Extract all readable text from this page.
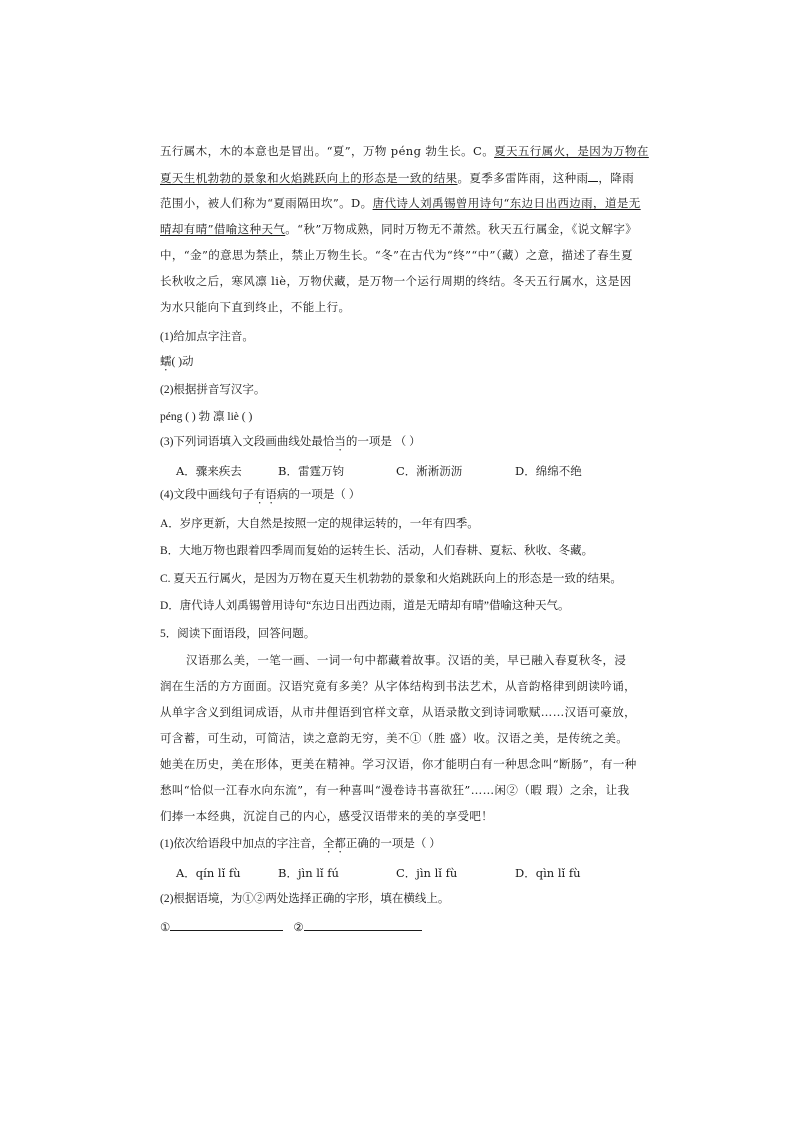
五行属木，木的本意也是冒出。“夏”，万物 péng 勃生长。C。夏天五行属火，是因为万物在
夏天生机勃勃的景象和火焰跳跃向上的形态是一致的结果。夏季多雷阵雨，这种雨 ，降雨
范围小，被人们称为“夏雨隔田坎”。D。唐代诗人刘禹锡曾用诗句“东边日出西边雨，道是无
晴却有晴”借喻这种天气。“秋”万物成熟，同时万物无不萧然。秋天五行属金，《说文解字》
中，“金”的意思为禁止，禁止万物生长。“冬”在古代为“终”“中”（藏）之意，描述了春生夏
长秋收之后，寒风凛 liè，万物伏藏，是万物一个运行周期的终结。冬天五行属水，这是因
为水只能向下直到终止，不能上行。
(1)给加点字注音。
蠕( )动
(2)根据拼音写汉字。
péng ( ) 勃 凛 liè ( )
(3)下列词语填入文段画曲线处最恰当的一项是 （ ）
A．骤来疾去	B．雷霆万钧	C．淅淅沥沥	D．绵绵不绝
(4)文段中画线句子有语病的一项是（ ）
A．岁序更新，大自然是按照一定的规律运转的，一年有四季。
B．大地万物也跟着四季周而复始的运转生长、活动，人们春耕、夏耘、秋收、冬藏。
C. 夏天五行属火，是因为万物在夏天生机勃勃的景象和火焰跳跃向上的形态是一致的结果。
D．唐代诗人刘禹锡曾用诗句“东边日出西边雨，道是无晴却有晴”借喻这种天气。
5．阅读下面语段，回答问题。
汉语那么美，一笔一画、一词一句中都藏着故事。汉语的美，早已融入春夏秋冬，浸
润在生活的方方面面。汉语究竟有多美？从字体结构到书法艺术，从音韵格律到朗读吟诵，
从单字含义到组词成语，从市井俚语到官样文章，从语录散文到诗词歌赋……汉语可豪放，
可含蓄，可生动，可简洁，读之意韵无穷，美不①（胜 盛）收。汉语之美，是传统之美。
她美在历史，美在形体，更美在精神。学习汉语，你才能明白有一种思念叫“断肠”，有一种
愁叫“恰似一江春水向东流”，有一种喜叫“漫卷诗书喜欲狂”……闲②（暇 瑕）之余，让我
们捧一本经典，沉淀自己的内心，感受汉语带来的美的享受吧！
(1)依次给语段中加点的字注音，全都正确的一项是（ ）
A．qín lǐ fù	B．jìn lǐ fú	C．jìn lǐ fù	D．qìn lǐ fù
(2)根据语境，为①②两处选择正确的字形，填在横线上。
①	②
